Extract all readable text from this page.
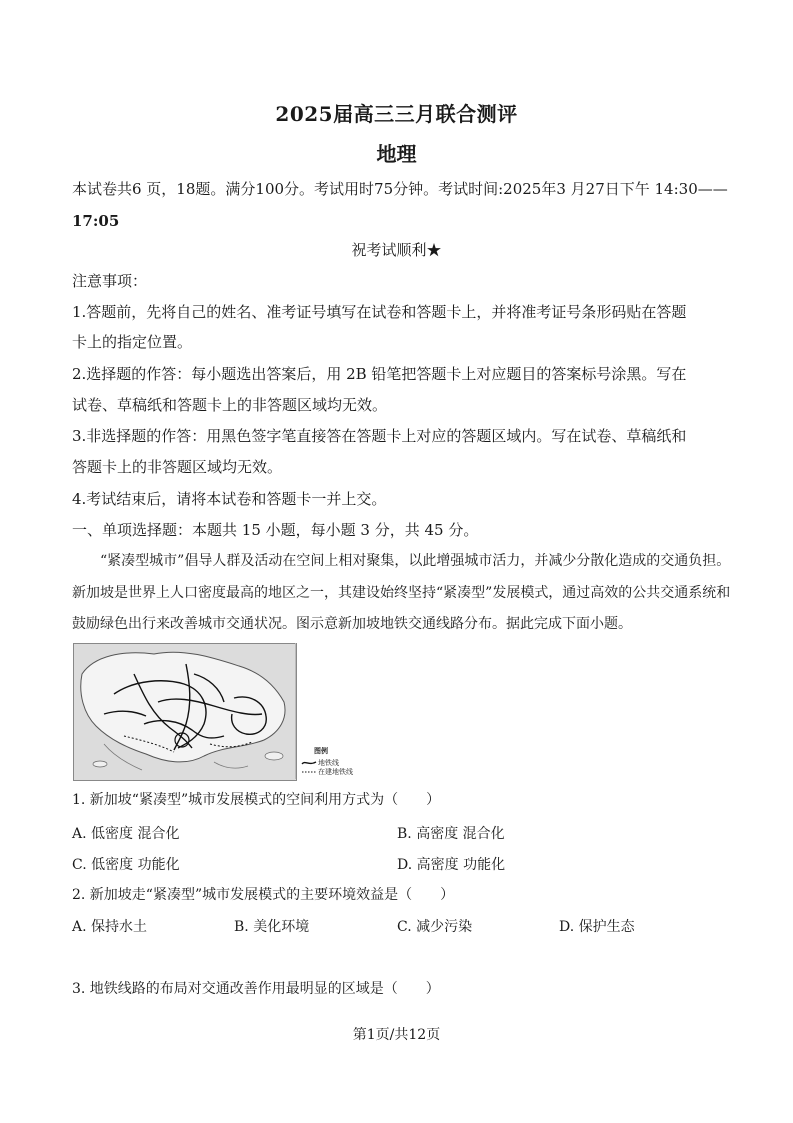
2025届高三三月联合测评
地理
本试卷共6 页，18题。满分100分。考试用时75分钟。考试时间:2025年3 月27日下午 14:30——
17:05
祝考试顺利★
注意事项：
1.答题前，先将自己的姓名、准考证号填写在试卷和答题卡上，并将准考证号条形码贴在答题
卡上的指定位置。
2.选择题的作答：每小题选出答案后，用 2B 铅笔把答题卡上对应题目的答案标号涂黑。写在
试卷、草稿纸和答题卡上的非答题区域均无效。
3.非选择题的作答：用黑色签字笔直接答在答题卡上对应的答题区域内。写在试卷、草稿纸和
答题卡上的非答题区域均无效。
4.考试结束后，请将本试卷和答题卡一并上交。
一、单项选择题：本题共 15 小题，每小题 3 分，共 45 分。
“紧凑型城市”倡导人群及活动在空间上相对聚集，以此增强城市活力，并减少分散化造成的交通负担。
新加坡是世界上人口密度最高的地区之一，其建设始终坚持“紧凑型”发展模式，通过高效的公共交通系统和
鼓励绿色出行来改善城市交通状况。图示意新加坡地铁交通线路分布。据此完成下面小题。
图例
地铁线
在建地铁线
1. 新加坡“紧凑型”城市发展模式的空间利用方式为（　　）
A. 低密度 混合化	B. 高密度 混合化
C. 低密度 功能化	D. 高密度 功能化
2. 新加坡走“紧凑型”城市发展模式的主要环境效益是（　　）
A. 保持水土	B. 美化环境	C. 减少污染	D. 保护生态
3. 地铁线路的布局对交通改善作用最明显的区域是（　　）
第1页/共12页
